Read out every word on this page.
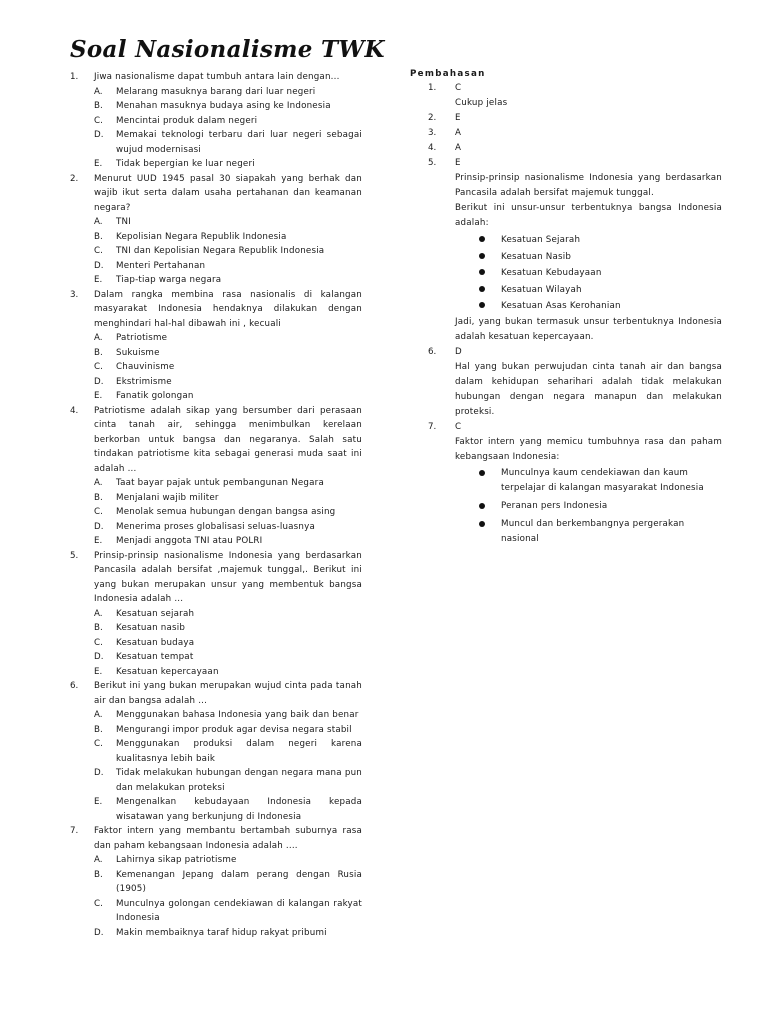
Soal Nasionalisme TWK
1.	Jiwa nasionalisme dapat tumbuh antara lain dengan...
A.	Melarang masuknya barang dari luar negeri
B.	Menahan masuknya budaya asing ke Indonesia
C.	Mencintai produk dalam negeri
D.	Memakai teknologi terbaru dari luar negeri sebagai wujud modernisasi
E.	Tidak bepergian ke luar negeri
2.	Menurut UUD 1945 pasal 30 siapakah yang berhak dan wajib ikut serta dalam usaha pertahanan dan keamanan negara?
A.	TNI
B.	Kepolisian Negara Republik Indonesia
C.	TNI dan Kepolisian Negara Republik Indonesia
D.	Menteri Pertahanan
E.	Tiap-tiap warga negara
3.	Dalam rangka membina rasa nasionalis di kalangan masyarakat Indonesia hendaknya dilakukan dengan menghindari hal-hal dibawah ini , kecuali
A.	Patriotisme
B.	Sukuisme
C.	Chauvinisme
D.	Ekstrimisme
E.	Fanatik golongan
4.	Patriotisme adalah sikap yang bersumber dari perasaan cinta tanah air, sehingga menimbulkan kerelaan berkorban untuk bangsa dan negaranya. Salah satu tindakan patriotisme kita sebagai generasi muda saat ini adalah ...
A.	Taat bayar pajak untuk pembangunan Negara
B.	Menjalani wajib militer
C.	Menolak semua hubungan dengan bangsa asing
D.	Menerima proses globalisasi seluas-luasnya
E.	Menjadi anggota TNI atau POLRI
5.	Prinsip-prinsip nasionalisme Indonesia yang berdasarkan Pancasila adalah bersifat ,majemuk tunggal,. Berikut ini yang bukan merupakan unsur yang membentuk bangsa Indonesia adalah ...
A.	Kesatuan sejarah
B.	Kesatuan nasib
C.	Kesatuan budaya
D.	Kesatuan tempat
E.	Kesatuan kepercayaan
6.	Berikut ini yang bukan merupakan wujud cinta pada tanah air dan bangsa adalah ...
A.	Menggunakan bahasa Indonesia yang baik dan benar
B.	Mengurangi impor produk agar devisa negara stabil
C.	Menggunakan produksi dalam negeri karena kualitasnya lebih baik
D.	Tidak melakukan hubungan dengan negara mana pun dan melakukan proteksi
E.	Mengenalkan kebudayaan Indonesia kepada wisatawan yang berkunjung di Indonesia
7.	Faktor intern yang membantu bertambah suburnya rasa dan paham kebangsaan Indonesia adalah ....
A.	Lahirnya sikap patriotisme
B.	Kemenangan Jepang dalam perang dengan Rusia (1905)
C.	Munculnya golongan cendekiawan di kalangan rakyat Indonesia
D.	Makin membaiknya taraf hidup rakyat pribumi
Pembahasan
1.	C
Cukup jelas
2.	E
3.	A
4.	A
5.	E
Prinsip-prinsip nasionalisme Indonesia yang berdasarkan Pancasila adalah bersifat majemuk tunggal.
Berikut ini unsur-unsur terbentuknya bangsa Indonesia adalah:
Kesatuan Sejarah
Kesatuan Nasib
Kesatuan Kebudayaan
Kesatuan Wilayah
Kesatuan Asas Kerohanian
Jadi, yang bukan termasuk unsur terbentuknya Indonesia adalah kesatuan kepercayaan.
6.	D
Hal yang bukan perwujudan cinta tanah air dan bangsa dalam kehidupan seharihari adalah tidak melakukan hubungan dengan negara manapun dan melakukan proteksi.
7.	C
Faktor intern yang memicu tumbuhnya rasa dan paham kebangsaan Indonesia:
Munculnya kaum cendekiawan dan kaum terpelajar di kalangan masyarakat Indonesia
Peranan pers Indonesia
Muncul dan berkembangnya pergerakan nasional
